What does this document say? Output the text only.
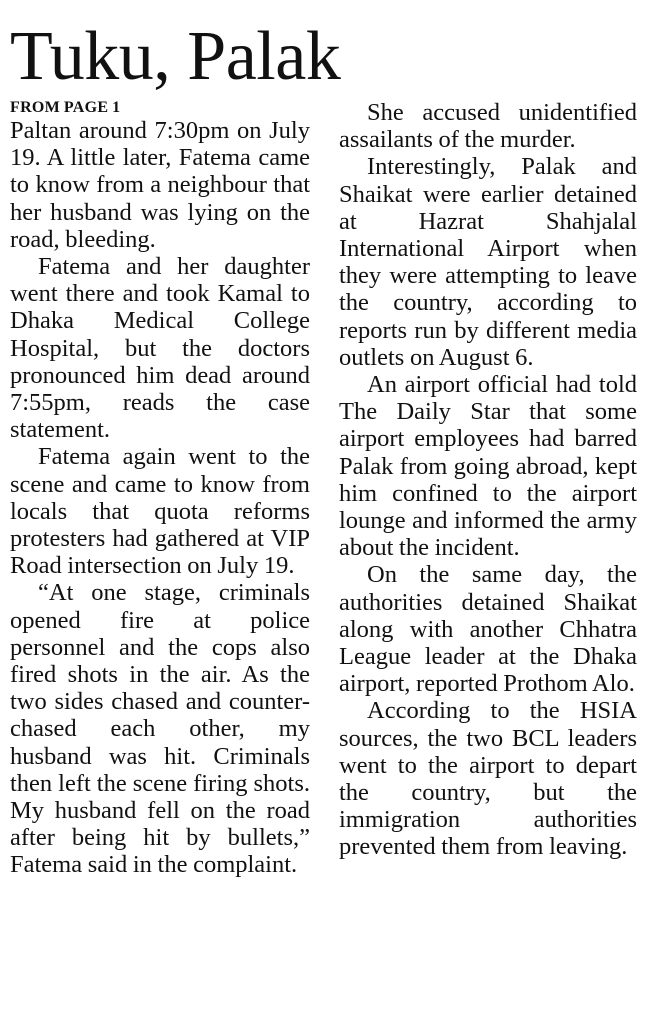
Tuku, Palak
FROM PAGE 1

Paltan around 7:30pm on July 19. A little later, Fatema came to know from a neighbour that her husband was lying on the road, bleeding.

Fatema and her daughter went there and took Kamal to Dhaka Medical College Hospital, but the doctors pronounced him dead around 7:55pm, reads the case statement.

Fatema again went to the scene and came to know from locals that quota reforms protesters had gathered at VIP Road intersection on July 19.

“At one stage, criminals opened fire at police personnel and the cops also fired shots in the air. As the two sides chased and counter-chased each other, my husband was hit. Criminals then left the scene firing shots. My husband fell on the road after being hit by bullets,” Fatema said in the complaint.

She accused unidentified assailants of the murder.

Interestingly, Palak and Shaikat were earlier detained at Hazrat Shahjalal International Airport when they were attempting to leave the country, according to reports run by different media outlets on August 6.

An airport official had told The Daily Star that some airport employees had barred Palak from going abroad, kept him confined to the airport lounge and informed the army about the incident.

On the same day, the authorities detained Shaikat along with another Chhatra League leader at the Dhaka airport, reported Prothom Alo.

According to the HSIA sources, the two BCL leaders went to the airport to depart the country, but the immigration authorities prevented them from leaving.
